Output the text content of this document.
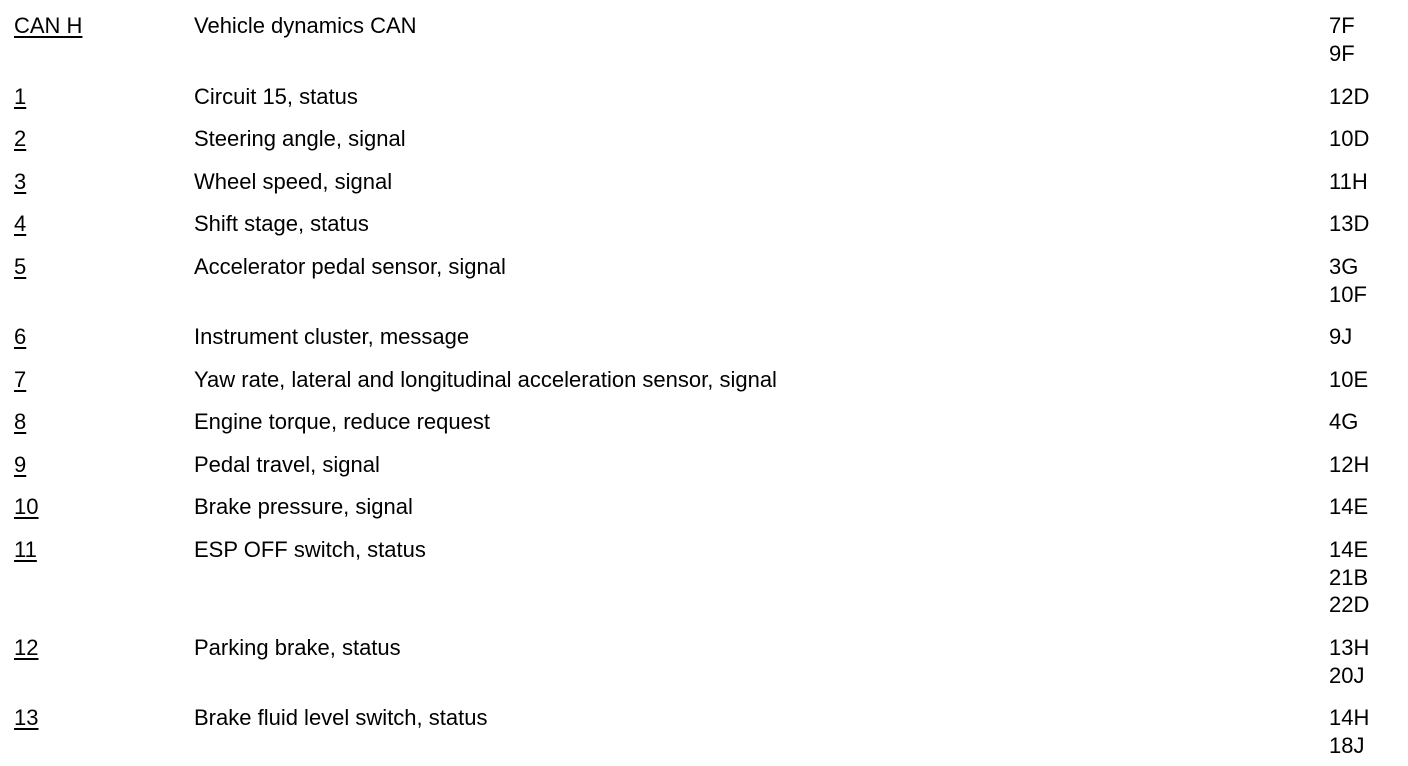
CAN H	Vehicle dynamics CAN	7F
9F
1	Circuit 15, status	12D
2	Steering angle, signal	10D
3	Wheel speed, signal	11H
4	Shift stage, status	13D
5	Accelerator pedal sensor, signal	3G
10F
6	Instrument cluster, message	9J
7	Yaw rate, lateral and longitudinal acceleration sensor, signal	10E
8	Engine torque, reduce request	4G
9	Pedal travel, signal	12H
10	Brake pressure, signal	14E
11	ESP OFF switch, status	14E
21B
22D
12	Parking brake, status	13H
20J
13	Brake fluid level switch, status	14H
18J
